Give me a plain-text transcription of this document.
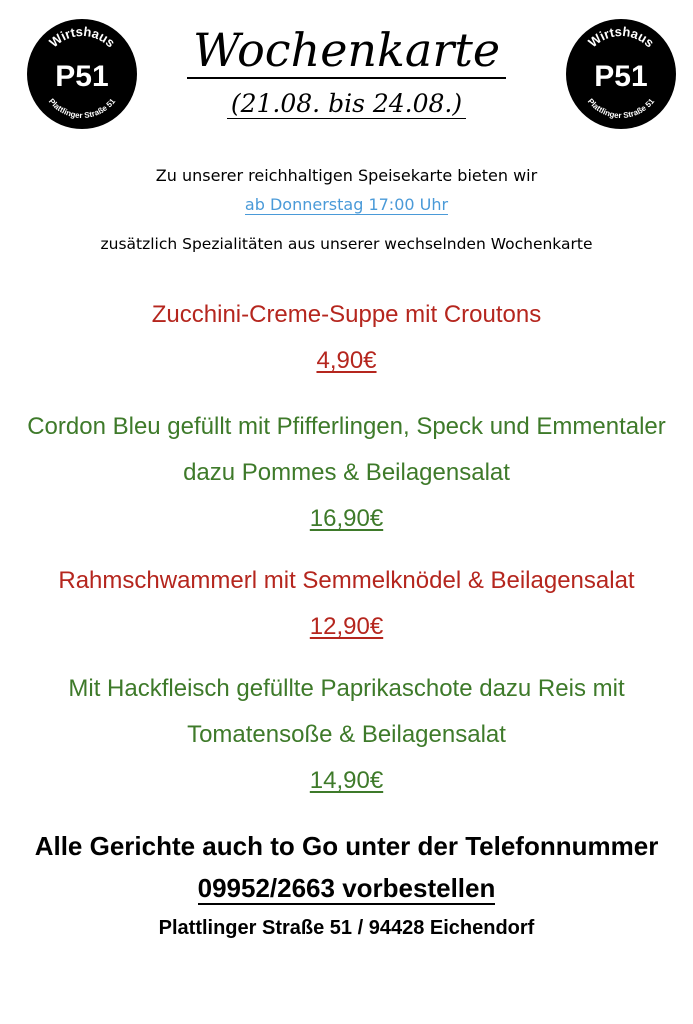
Wirtshaus
P51
Plattlinger Straße 51
Wirtshaus
P51
Plattlinger Straße 51
Wochenkarte
(21.08. bis 24.08.)
Zu unserer reichhaltigen Speisekarte bieten wir
ab Donnerstag 17:00 Uhr
zusätzlich Spezialitäten aus unserer wechselnden Wochenkarte
Zucchini-Creme-Suppe mit Croutons
4,90€
Cordon Bleu gefüllt mit Pfifferlingen, Speck und Emmentaler
dazu Pommes & Beilagensalat
16,90€
Rahmschwammerl mit Semmelknödel & Beilagensalat
12,90€
Mit Hackfleisch gefüllte Paprikaschote dazu Reis mit
Tomatensoße & Beilagensalat
14,90€
Alle Gerichte auch to Go unter der Telefonnummer
09952/2663 vorbestellen
Plattlinger Straße 51 / 94428 Eichendorf
